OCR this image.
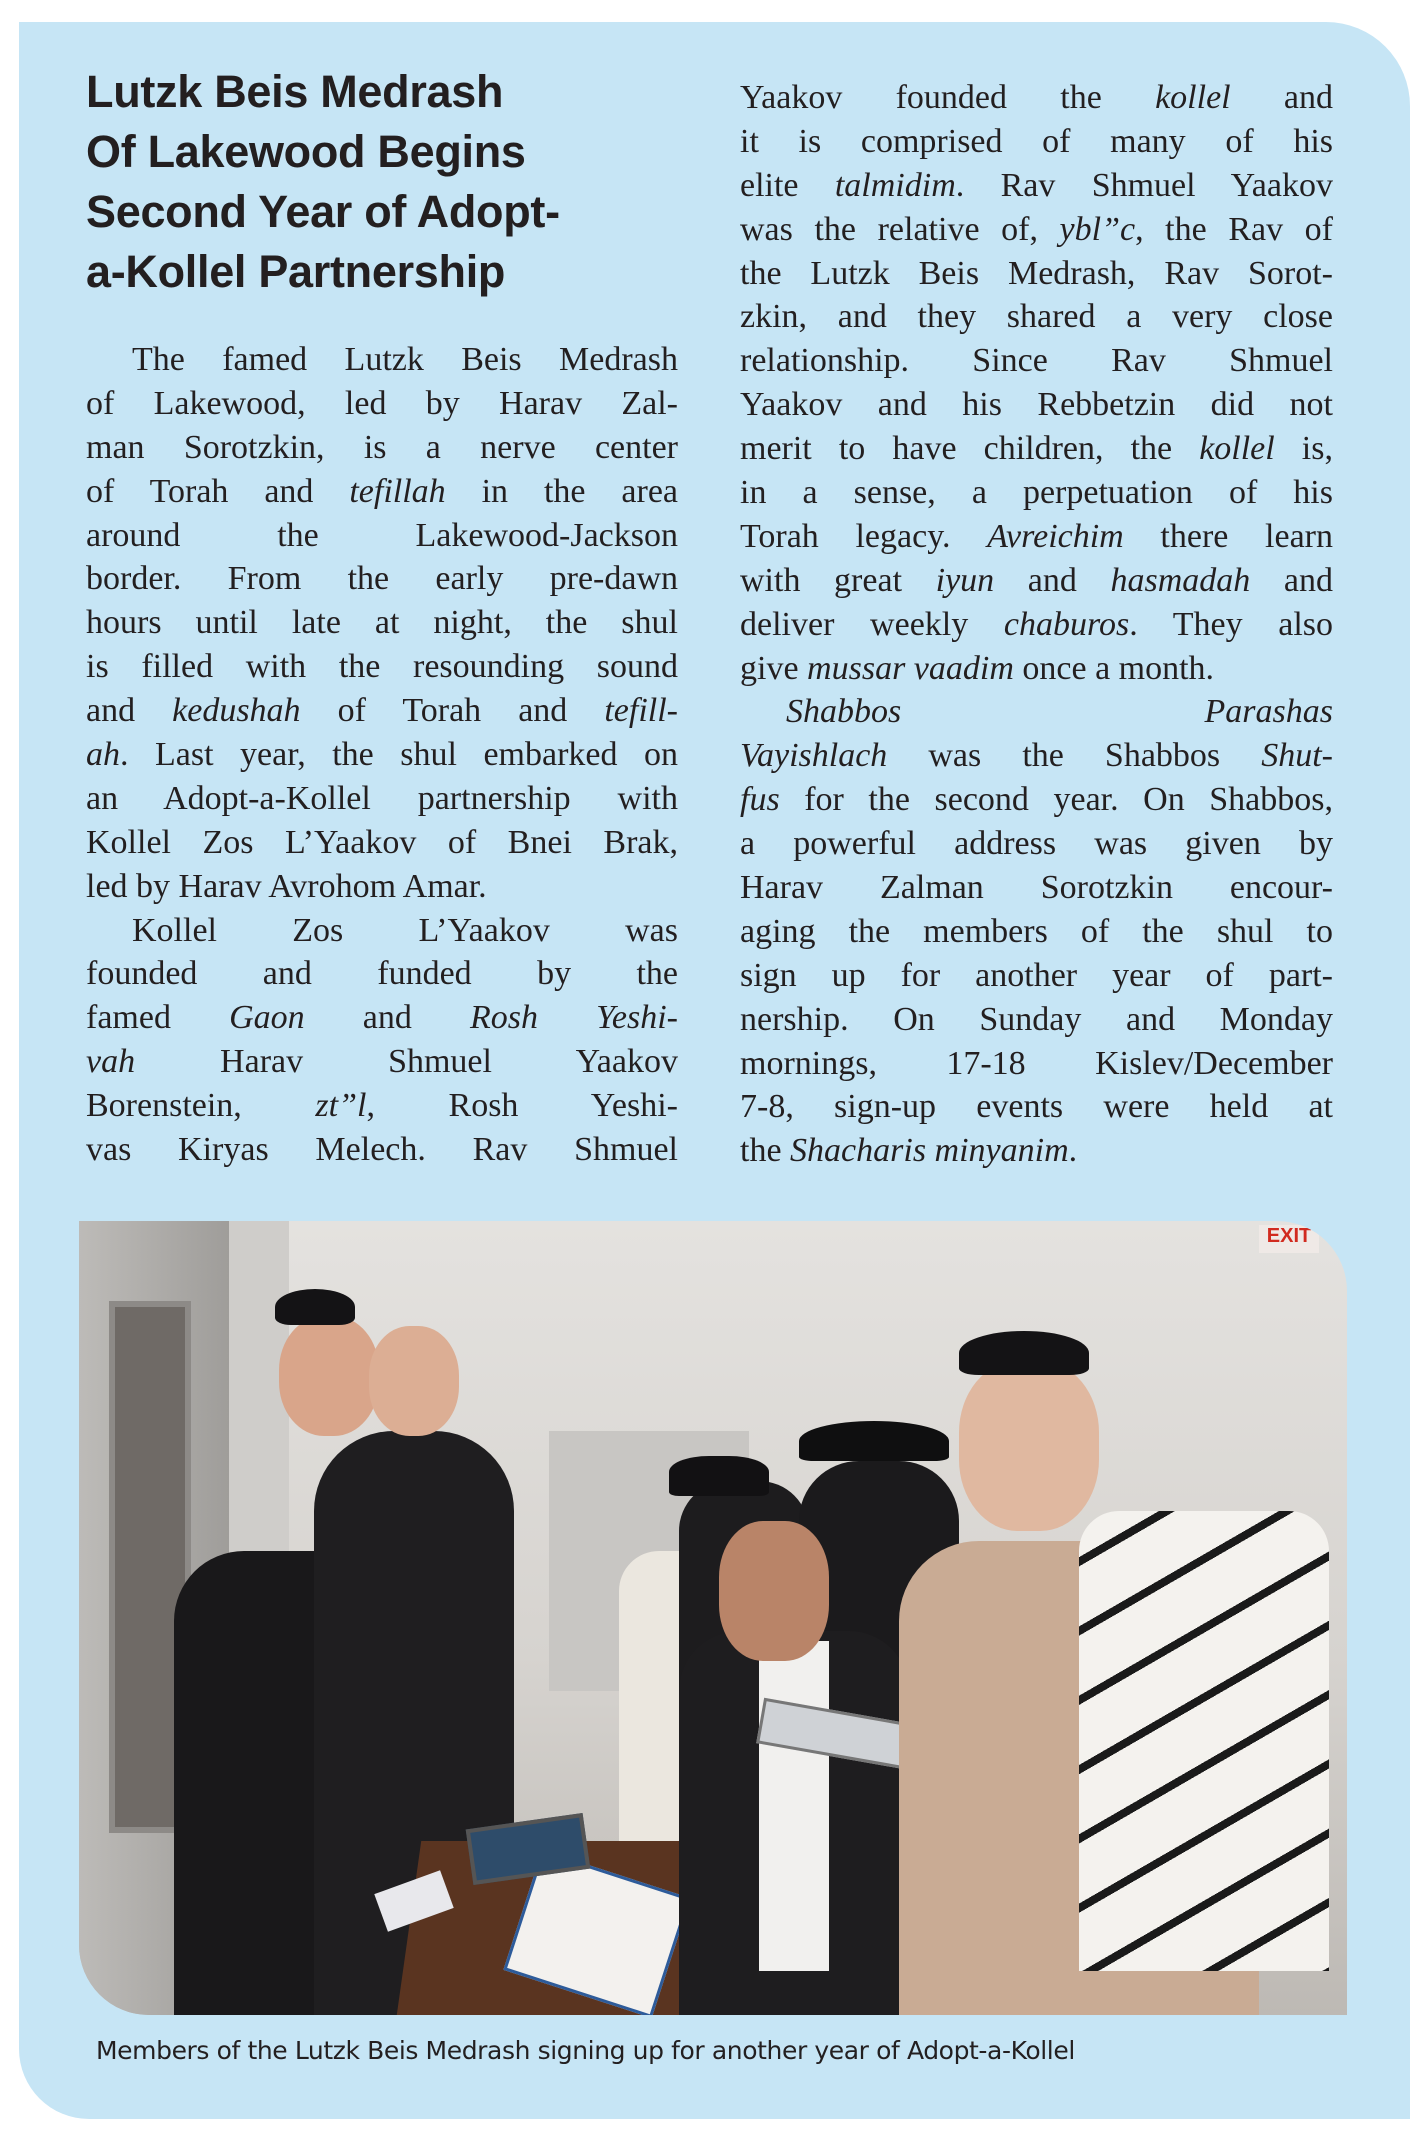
Lutzk Beis Medrash
Of Lakewood Begins
Second Year of Adopt-
a-Kollel Partnership
The famed Lutzk Beis Medrash
of Lakewood, led by Harav Zal-
man Sorotzkin, is a nerve center
of Torah and tefillah in the area
around the Lakewood-Jackson
border. From the early pre-dawn
hours until late at night, the shul
is filled with the resounding sound
and kedushah of Torah and tefill-
ah. Last year, the shul embarked on
an Adopt-a-Kollel partnership with
Kollel Zos L’Yaakov of Bnei Brak,
led by Harav Avrohom Amar.
Kollel Zos L’Yaakov was
founded and funded by the
famed Gaon and Rosh Yeshi-
vah Harav Shmuel Yaakov
Borenstein, zt”l, Rosh Yeshi-
vas Kiryas Melech. Rav Shmuel
Yaakov founded the kollel and
it is comprised of many of his
elite talmidim. Rav Shmuel Yaakov
was the relative of, ybl”c, the Rav of
the Lutzk Beis Medrash, Rav Sorot-
zkin, and they shared a very close
relationship. Since Rav Shmuel
Yaakov and his Rebbetzin did not
merit to have children, the kollel is,
in a sense, a perpetuation of his
Torah legacy. Avreichim there learn
with great iyun and hasmadah and
deliver weekly chaburos. They also
give mussar vaadim once a month.
Shabbos Parashas
Vayishlach was the Shabbos Shut-
fus for the second year. On Shabbos,
a powerful address was given by
Harav Zalman Sorotzkin encour-
aging the members of the shul to
sign up for another year of part-
nership. On Sunday and Monday
mornings, 17-18 Kislev/December
7-8, sign-up events were held at
the Shacharis minyanim.
EXIT
Members of the Lutzk Beis Medrash signing up for another year of Adopt-a-Kollel
